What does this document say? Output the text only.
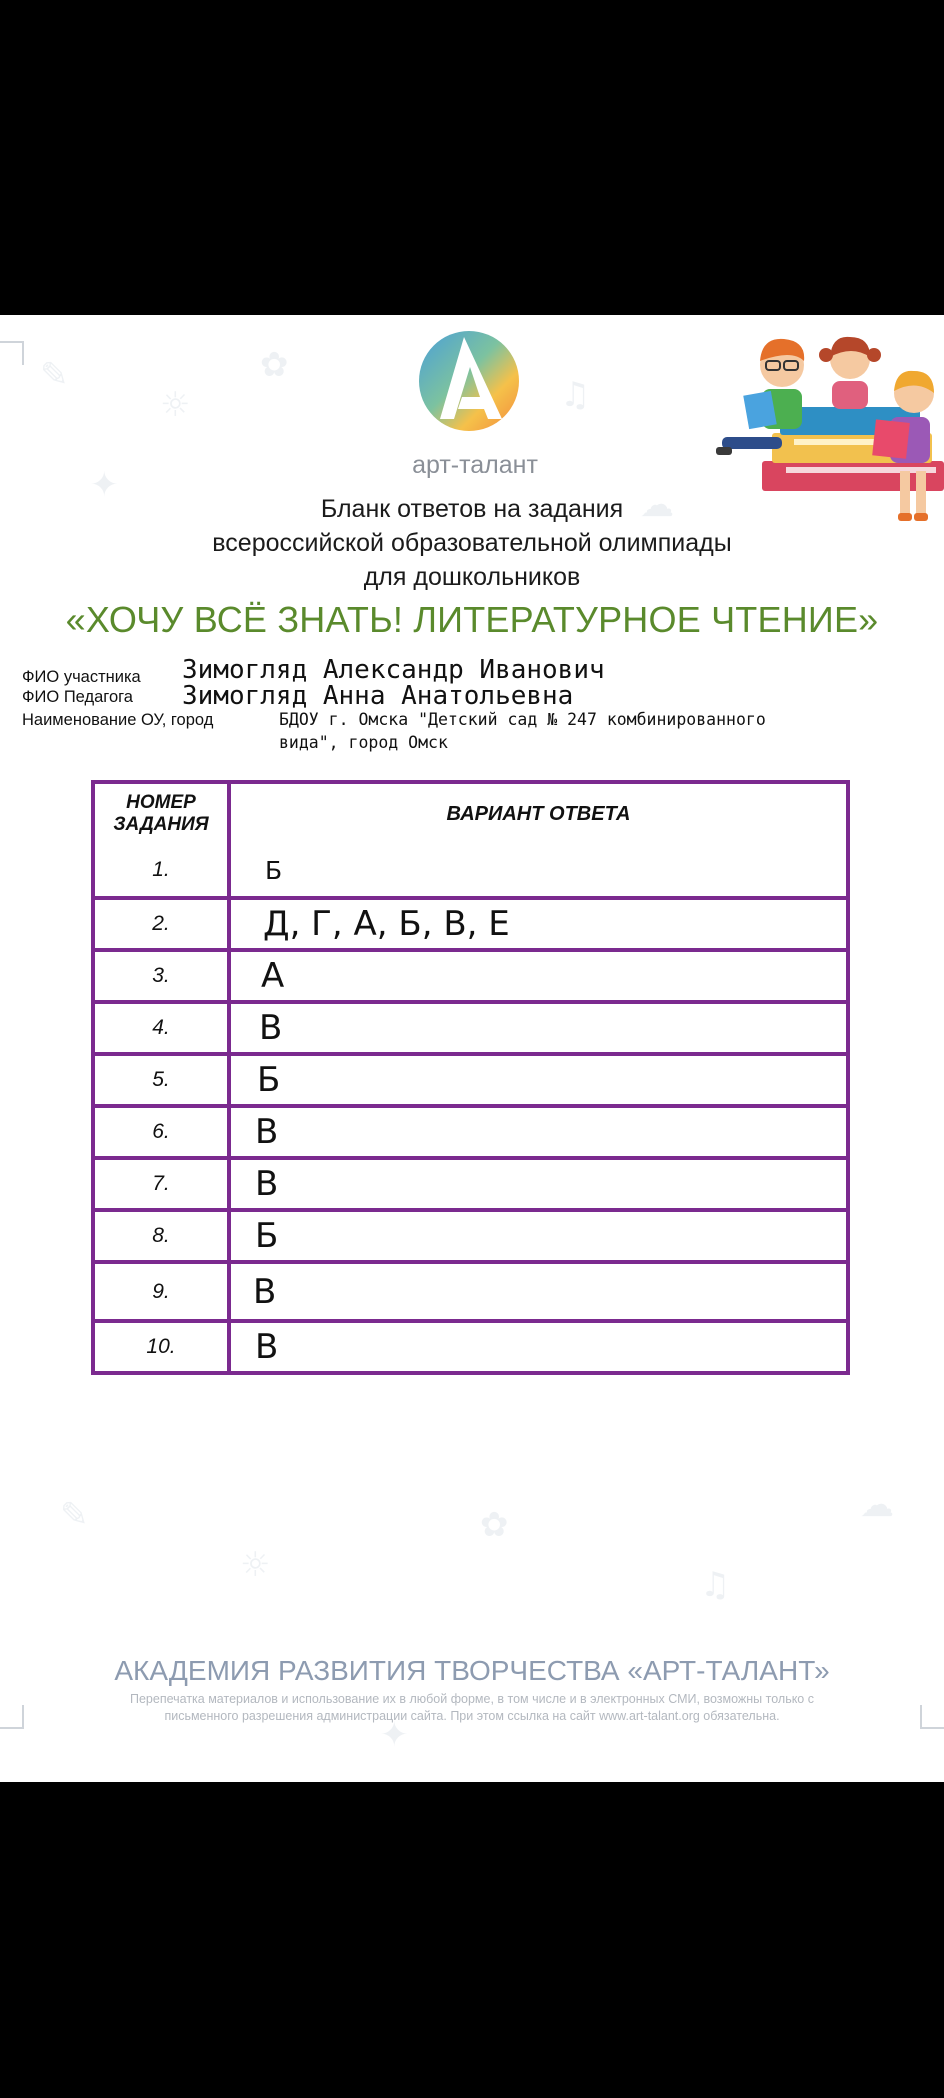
✎
☼
✿
♫
✦	☁
✎
☼
✿
♫
☁
✦
арт-талант
Бланк ответов на задания
всероссийской образовательной олимпиады
для дошкольников
«ХОЧУ ВСЁ ЗНАТЬ! ЛИТЕРАТУРНОЕ ЧТЕНИЕ»
ФИО участника Зимогляд Александр Иванович
ФИО Педагога Зимогляд Анна Анатольевна
Наименование ОУ, город	БДОУ г. Омска "Детский сад № 247 комбинированного
вида", город Омск
НОМЕР
ЗАДАНИЯ	ВАРИАНТ ОТВЕТА
1.	Б
2.	Д, Г, А, Б, В, Е
3.	А
4.	В
5.	Б
6.	В
7.	В
8.	Б
9.	В
10.	В
АКАДЕМИЯ РАЗВИТИЯ ТВОРЧЕСТВА «АРТ-ТАЛАНТ»
Перепечатка материалов и использование их в любой форме, в том числе и в электронных СМИ, возможны только с
письменного разрешения администрации сайта. При этом ссылка на сайт www.art-talant.org обязательна.
